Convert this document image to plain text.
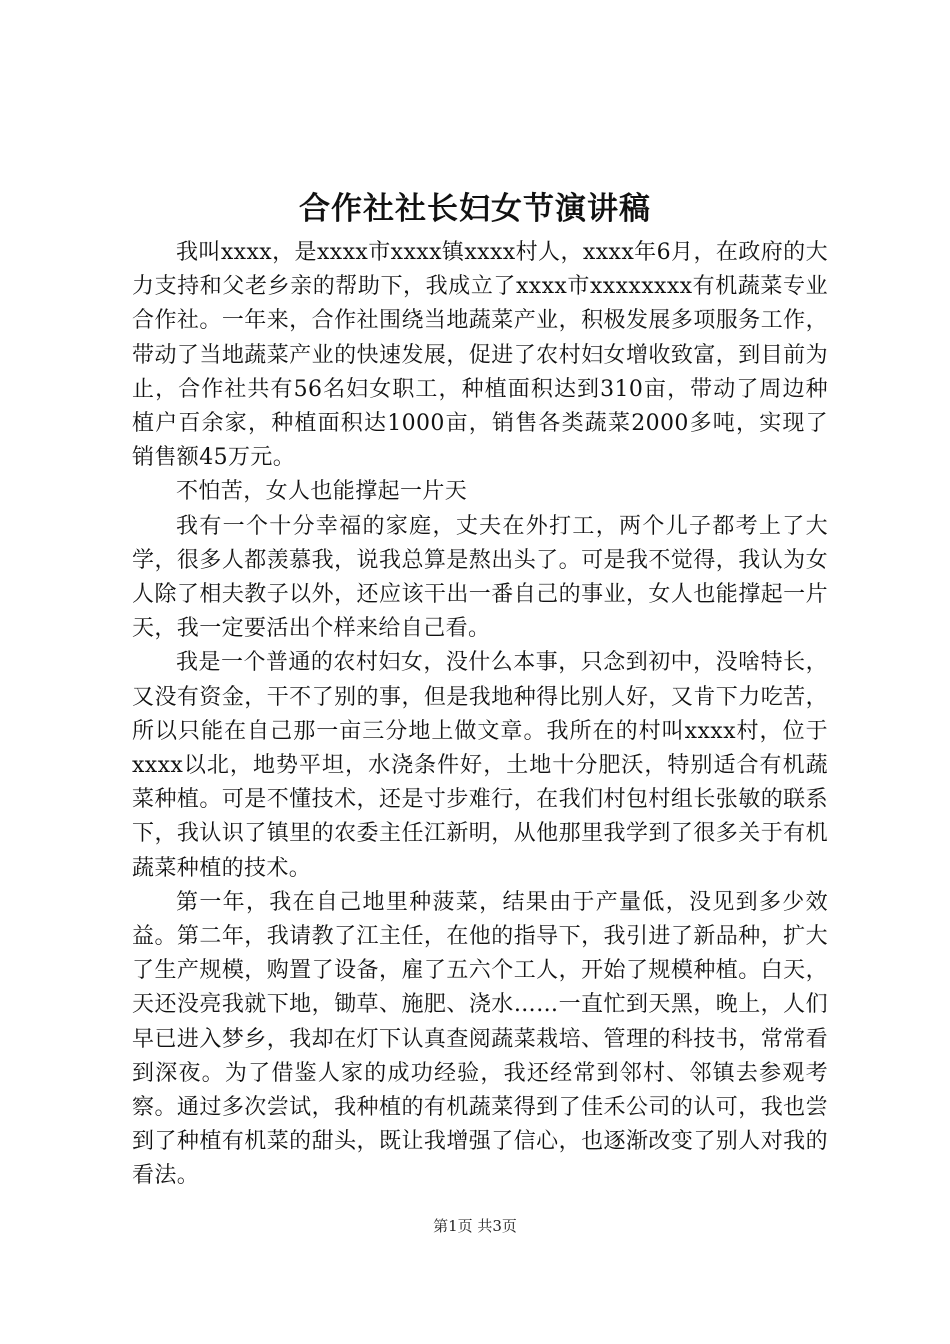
合作社社长妇女节演讲稿

我叫xxxx，是xxxx市xxxx镇xxxx村人，xxxx年6月，在政府的大力支持和父老乡亲的帮助下，我成立了xxxx市xxxxxxxx有机蔬菜专业合作社。一年来，合作社围绕当地蔬菜产业，积极发展多项服务工作，带动了当地蔬菜产业的快速发展，促进了农村妇女增收致富，到目前为止，合作社共有56名妇女职工，种植面积达到310亩，带动了周边种植户百余家，种植面积达1000亩，销售各类蔬菜2000多吨，实现了销售额45万元。

不怕苦，女人也能撑起一片天

我有一个十分幸福的家庭，丈夫在外打工，两个儿子都考上了大学，很多人都羡慕我，说我总算是熬出头了。可是我不觉得，我认为女人除了相夫教子以外，还应该干出一番自己的事业，女人也能撑起一片天，我一定要活出个样来给自己看。

我是一个普通的农村妇女，没什么本事，只念到初中，没啥特长，又没有资金，干不了别的事，但是我地种得比别人好，又肯下力吃苦，所以只能在自己那一亩三分地上做文章。我所在的村叫xxxx村，位于xxxx以北，地势平坦，水浇条件好，土地十分肥沃，特别适合有机蔬菜种植。可是不懂技术，还是寸步难行，在我们村包村组长张敏的联系下，我认识了镇里的农委主任江新明，从他那里我学到了很多关于有机蔬菜种植的技术。

第一年，我在自己地里种菠菜，结果由于产量低，没见到多少效益。第二年，我请教了江主任，在他的指导下，我引进了新品种，扩大了生产规模，购置了设备，雇了五六个工人，开始了规模种植。白天，天还没亮我就下地，锄草、施肥、浇水……一直忙到天黑，晚上，人们早已进入梦乡，我却在灯下认真查阅蔬菜栽培、管理的科技书，常常看到深夜。为了借鉴人家的成功经验，我还经常到邻村、邻镇去参观考察。通过多次尝试，我种植的有机蔬菜得到了佳禾公司的认可，我也尝到了种植有机菜的甜头，既让我增强了信心，也逐渐改变了别人对我的看法。

第1页 共3页
